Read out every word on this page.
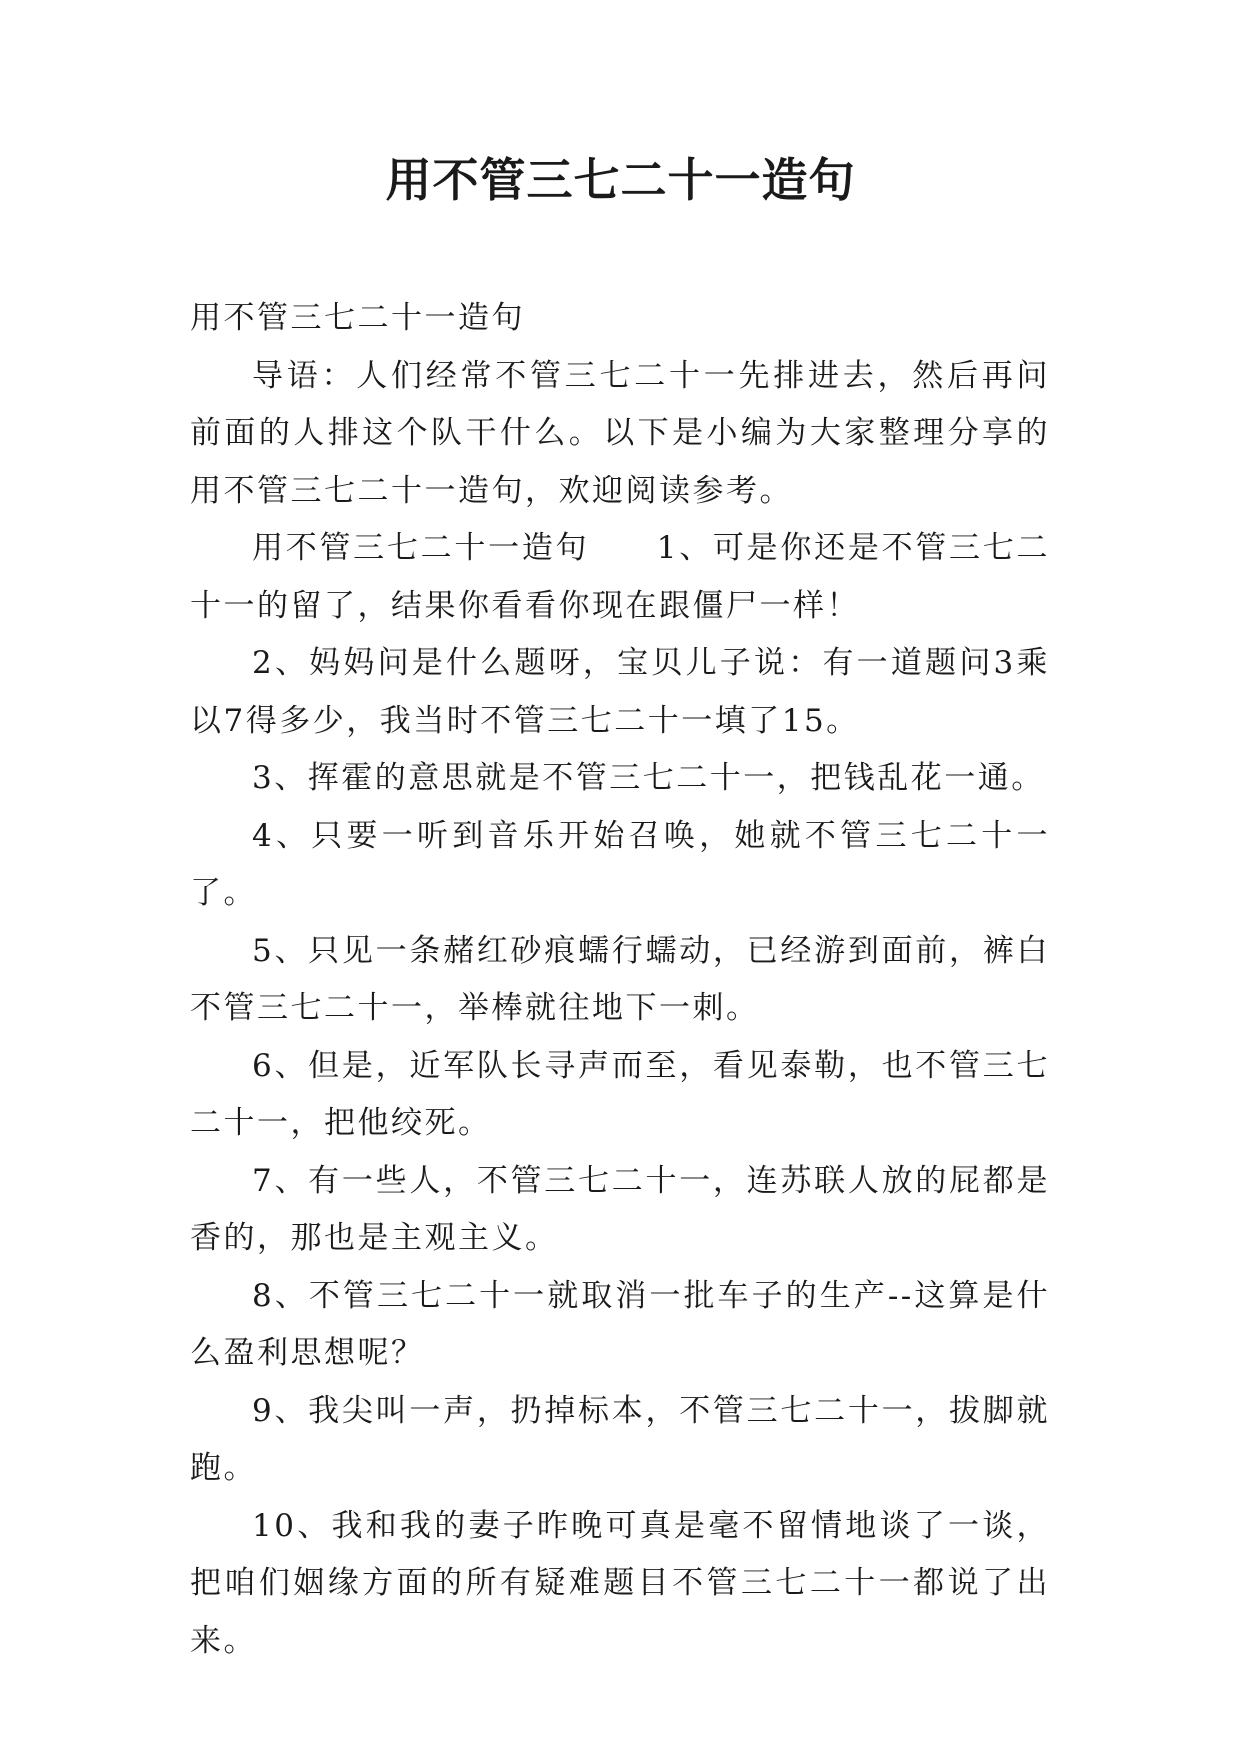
用不管三七二十一造句

用不管三七二十一造句

导语：人们经常不管三七二十一先排进去，然后再问前面的人排这个队干什么。以下是小编为大家整理分享的用不管三七二十一造句，欢迎阅读参考。

用不管三七二十一造句　　1、可是你还是不管三七二十一的留了，结果你看看你现在跟僵尸一样！

2、妈妈问是什么题呀，宝贝儿子说：有一道题问3乘以7得多少，我当时不管三七二十一填了15。

3、挥霍的意思就是不管三七二十一，把钱乱花一通。

4、只要一听到音乐开始召唤，她就不管三七二十一了。

5、只见一条赭红砂痕蠕行蠕动，已经游到面前，裤白不管三七二十一，举棒就往地下一刺。

6、但是，近军队长寻声而至，看见泰勒，也不管三七二十一，把他绞死。

7、有一些人，不管三七二十一，连苏联人放的屁都是香的，那也是主观主义。

8、不管三七二十一就取消一批车子的生产--这算是什么盈利思想呢？

9、我尖叫一声，扔掉标本，不管三七二十一，拔脚就跑。

10、我和我的妻子昨晚可真是毫不留情地谈了一谈，把咱们姻缘方面的所有疑难题目不管三七二十一都说了出来。
